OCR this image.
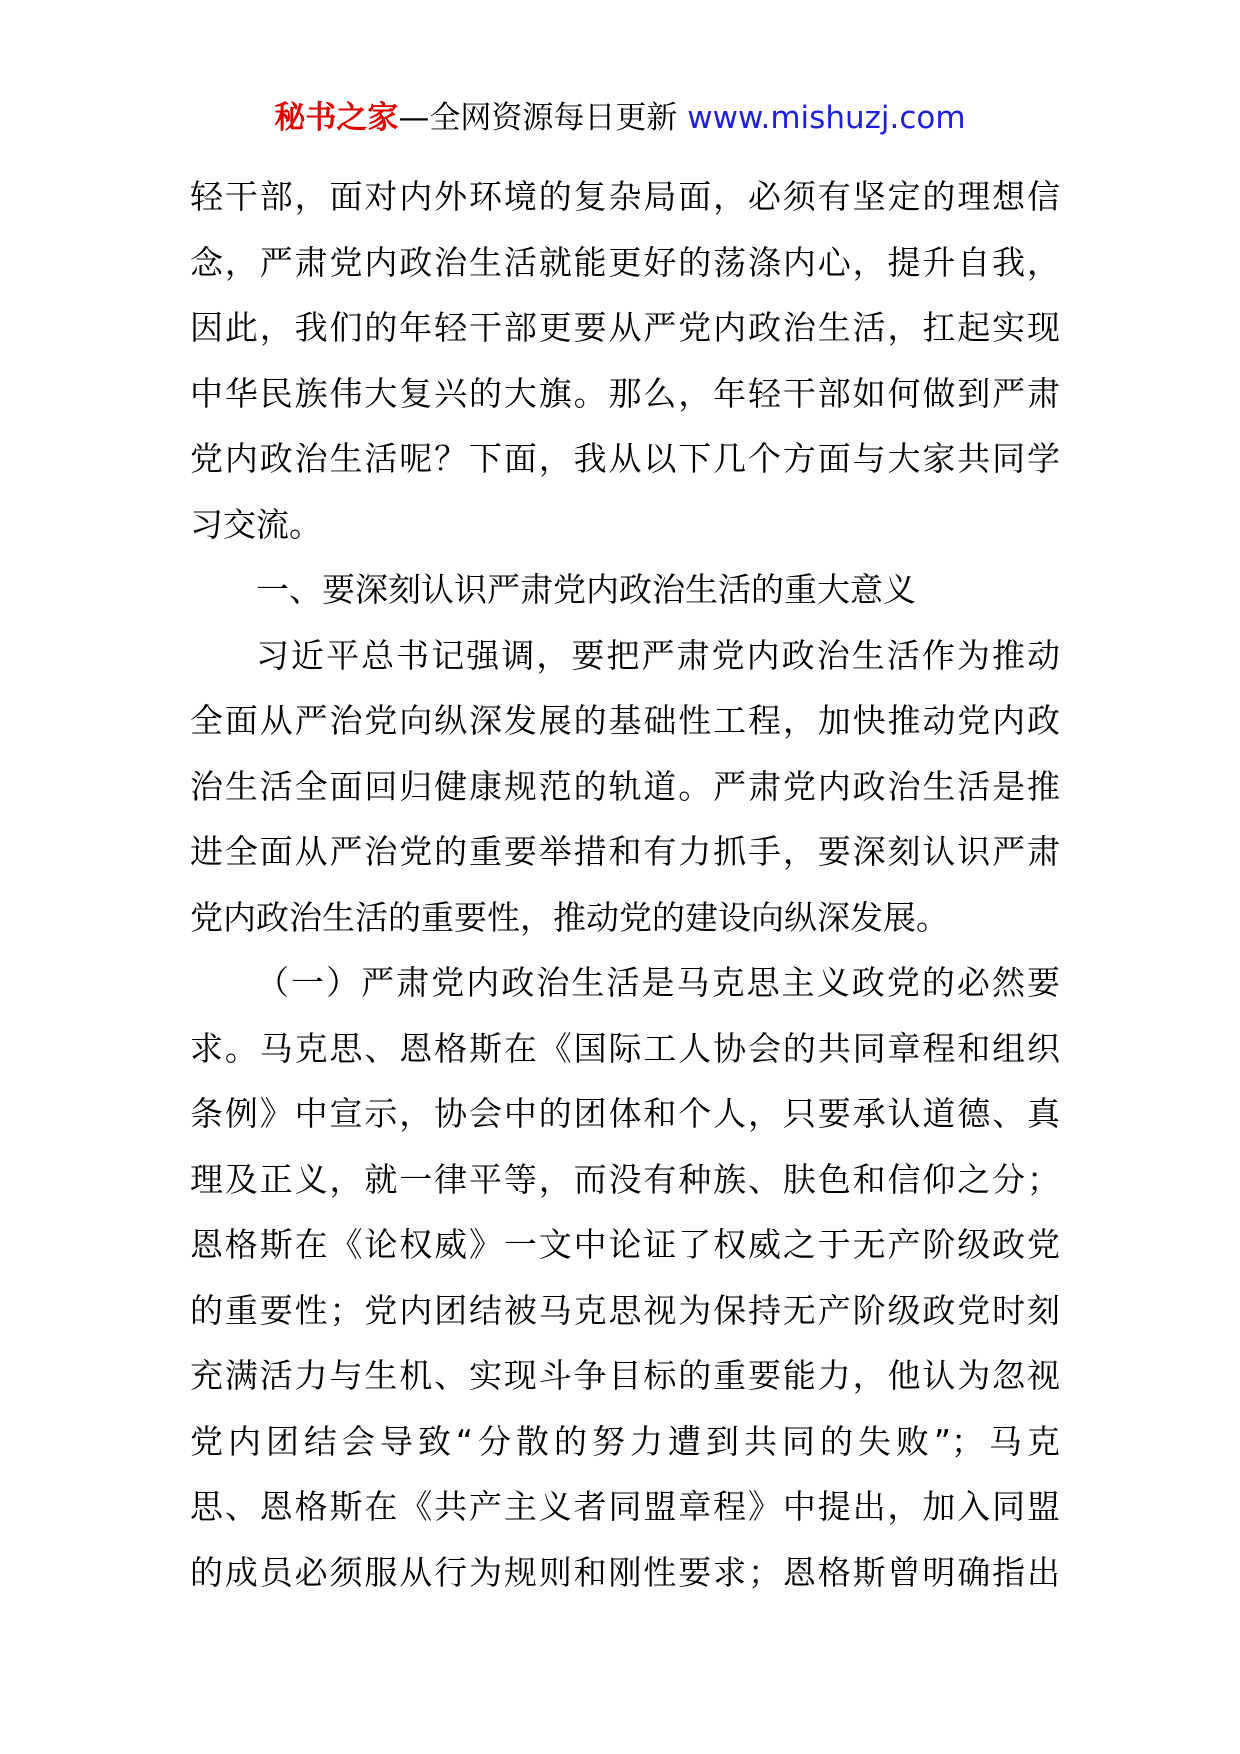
秘书之家—全网资源每日更新 www.mishuzj.com
轻干部，面对内外环境的复杂局面，必须有坚定的理想信
念，严肃党内政治生活就能更好的荡涤内心，提升自我，
因此，我们的年轻干部更要从严党内政治生活，扛起实现
中华民族伟大复兴的大旗。那么，年轻干部如何做到严肃
党内政治生活呢？下面，我从以下几个方面与大家共同学
习交流。
一、要深刻认识严肃党内政治生活的重大意义
习近平总书记强调，要把严肃党内政治生活作为推动
全面从严治党向纵深发展的基础性工程，加快推动党内政
治生活全面回归健康规范的轨道。严肃党内政治生活是推
进全面从严治党的重要举措和有力抓手，要深刻认识严肃
党内政治生活的重要性，推动党的建设向纵深发展。
（一）严肃党内政治生活是马克思主义政党的必然要
求。马克思、恩格斯在《国际工人协会的共同章程和组织
条例》中宣示，协会中的团体和个人，只要承认道德、真
理及正义，就一律平等，而没有种族、肤色和信仰之分；
恩格斯在《论权威》一文中论证了权威之于无产阶级政党
的重要性；党内团结被马克思视为保持无产阶级政党时刻
充满活力与生机、实现斗争目标的重要能力，他认为忽视
党内团结会导致“分散的努力遭到共同的失败”；马克
思、恩格斯在《共产主义者同盟章程》中提出，加入同盟
的成员必须服从行为规则和刚性要求；恩格斯曾明确指出
